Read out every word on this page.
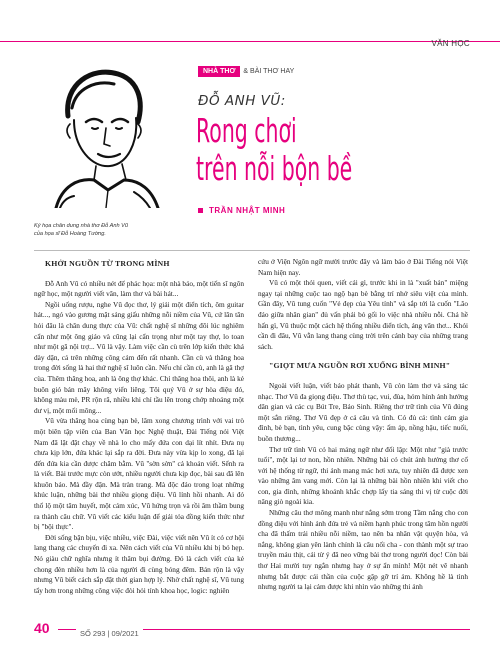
VĂN HỌC
Ký họa chân dung nhà thơ Đỗ Anh Vũ
của họa sĩ Đỗ Hoàng Tường.
NHÀ THƠ	& BÀI THƠ HAY
ĐỖ ANH VŨ:
Rong chơi
trên nỗi bộn bề
TRẦN NHẬT MINH
KHỞI NGUỒN TỪ TRONG MÌNH

Đỗ Anh Vũ có nhiều nét để phác họa: một nhà báo, một tiến sĩ ngôn ngữ học, một người viết văn, làm thơ và bài hát...

Ngồi uống rượu, nghe Vũ đọc thơ, lý giải một điển tích, ôm guitar hát..., ngó vào gương mặt sáng giấu những nỗi niềm của Vũ, cứ lăn tăn hỏi đâu là chân dung thực của Vũ: chất nghệ sĩ những đôi lúc nghiêm cẩn như một ông giáo và cũng lại cẩn trọng như một tay thợ, lo toan như một gã nội trợ... Vũ là vậy. Làm việc cần cù trên lớp kiến thức khá dày dặn, cả trên những công cảm đến rất nhanh. Cần cù và thăng hoa trong đời sống là hai thứ nghệ sĩ luôn cần. Nếu chỉ cần cù, anh là gã thợ cùa. Thêm thăng hoa, anh là ông thợ khác. Chỉ thăng hoa thôi, anh là kẻ buôn gió bán mây không viển liêng. Tôi quý Vũ ở sự hòa điệu đó, không màu mè, PR rộn rã, nhiều khi chỉ tầu lên trong chớp nhoáng một dư vị, một mối mông...

Vũ vừa thăng hoa cùng bạn bè, lâm xong chương trình với vai trò một biên tập viên của Ban Văn học Nghệ thuật, Đài Tiếng nói Việt Nam đã lặt đặt chạy về nhà lo cho mấy đứa con dại lít nhít. Đưa nụ chưa kịp lớn, đứa khác lại sắp ra đời. Đưa này vừa kịp lo xong, đã lại đến đứa kia cần được chăm bẵm. Vũ "sờn sờn" cả khoản viết. Sểnh ra là viết. Bài trước mực còn ướt, nhiều người chưa kịp đọc, bài sau đã lên khuôn báo. Mà đầy đặn. Mà tràn trang. Mà độc đáo trong loạt những khúc luận, những bài thơ nhiều giọng điệu. Vũ lính hồi nhanh. Ai đó thổ lộ một tâm huyết, một cảm xúc, Vũ hứng trọn và rồi âm thầm bung ra thành câu chữ. Vũ viết các kiểu luận để giải tỏa đồng kiến thức như bị "bội thực".

Đời sống bận bịu, việc nhiều, việc Đài, việc viết nên Vũ ít có cơ hội lang thang các chuyến đi xa. Nên cách viết của Vũ nhiều khi bị bó hẹp. Nó giàu chữ nghĩa nhưng ít thâm bụi đường. Đó là cách viết của kẻ chong đèn nhiều hơn là của người đi cùng bóng đêm. Bản rộn là vậy nhưng Vũ biết cách sắp đặt thời gian hợp lý. Nhờ chất nghệ sĩ, Vũ tung tẩy hơn trong những công việc đòi hỏi tính khoa học, logic: nghiên

cứu ở Viện Ngôn ngữ mười trước đây và làm báo ở Đài Tiếng nói Việt Nam hiện nay.

Vũ có một thói quen, viết cái gì, trước khi in là "xuất bản" miệng ngay tại những cuộc tao ngộ bạn bè bằng trí nhớ siêu việt của mình. Gần đây, Vũ tung cuốn "Vẻ đẹp của Yêu tính" và sắp tới là cuốn "Lão đáo giữa nhân gian" đủ vấn phải bỏ gối lo việc nhà nhiều nỗi. Chả hề hấn gì, Vũ thuộc một cách hệ thống nhiều điển tích, áng văn thơ... Khói cần đi đâu, Vũ vẫn lang thang cùng trời trên cánh bay của những trang sách.

"GIỌT MƯA NGUỒN RƠI XUỐNG BÌNH MINH"

Ngoài viết luận, viết báo phát thanh, Vũ còn làm thơ và sáng tác nhạc. Thơ Vũ đa giọng điệu. Thơ thù tạc, vui, đùa, hóm hỉnh ảnh hưởng dân gian và các cụ Bút Tre, Bảo Sinh. Riêng thơ trữ tình của Vũ đúng một sắn riêng. Thơ Vũ đẹp ở cả câu và tình. Có đủ cả: tình cảm gia đình, bè bạn, tình yêu, cung bậc cùng vậy: ấm áp, nồng hậu, tiếc nuối, buồn thương...

Thơ trữ tình Vũ có hai mảng ngữ như đối lập: Một như "già trước tuổi", một lại tơ non, hồn nhiên. Những bài có chút ảnh hưởng thơ cổ với hệ thống từ ngữ, thi ảnh mang mác hơi xưa, tuy nhiên đã được xen vào những âm vang mới. Còn lại là những bài hồn nhiên khi viết cho con, gia đình, những khoảnh khắc chợp lấy tia sáng thi vị từ cuộc đời nâng giò ngoài kia.

Những câu thơ mông manh như nắng sớm trong Tầm nắng cho con đồng điệu với hình ảnh đứa trẻ và niềm hạnh phúc trong tâm hồn người cha đã thấm trải nhiều nỗi niềm, tao nên ba nhân vật quyện hòa, và nắng, không gian yên lành chính là câu nối cha - con thành một sự trao truyền máu thịt, cái từ ý đã neo vững bài thơ trong người đọc! Còn bài thơ Hai mười tuy ngắn nhưng hay ở sự ẩn mình! Một nét vẽ nhanh nhưng bắt được cái thần của cuộc gặp gỡ trí ảm. Không hề là tình nhưng người ta lại cảm được khi nhìn vào những thi ảnh

40	SỐ 293 | 09/2021
